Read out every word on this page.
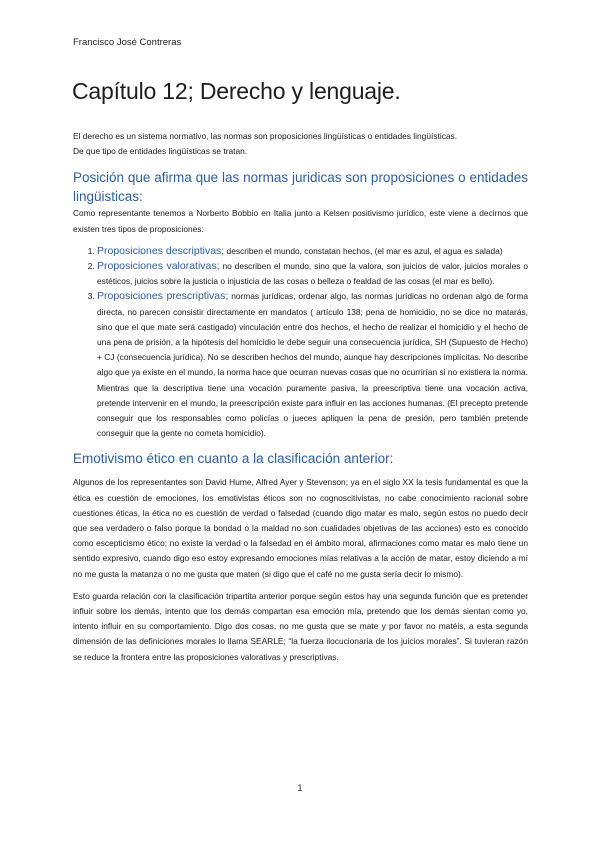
Francisco José Contreras
Capítulo 12; Derecho y lenguaje.

El derecho es un sistema normativo, las normas son proposiciones lingüísticas o entidades lingüísticas.

De que tipo de entidades lingüísticas se tratan.

Posición que afirma que las normas juridicas son proposiciones o entidades lingüisticas:

Como representante tenemos a Norberto Bobbio en Italia junto a Kelsen positivismo jurídico, este viene a decirnos que existen tres tipos de proposiciones:

1. Proposiciones descriptivas; describen el mundo, constatan hechos, (el mar es azul, el agua es salada)
2. Proposiciones valorativas; no describen el mundo, sino que la valora, son juicios de valor, juicios morales o estéticos, juicios sobre la justicia o injusticia de las cosas o belleza o fealdad de las cosas (el mar es bello).
3. Proposiciones prescriptivas; normas jurídicas, ordenar algo, las normas jurídicas no ordenan algo de forma directa, no parecen consistir directamente en mandatos ( artículo 138; pena de homicidio, no se dice no matarás, sino que el que mate será castigado) vinculación entre dos hechos, el hecho de realizar el homicidio y el hecho de una pena de prisión, a la hipótesis del homicidio le debe seguir una consecuencia jurídica, SH (Supuesto de Hecho) + CJ (consecuencia jurídica). No se describen hechos del mundo, aunque hay descripciones implícitas. No describe algo que ya existe en el mundo, la norma hace que ocurran nuevas cosas que no ocurrirían si no existiera la norma. Mientras que la descriptiva tiene una vocación puramente pasiva, la preescriptiva tiene una vocación activa, pretende intervenir en el mundo, la preescripción existe para influir en las acciones humanas. (El precepto pretende conseguir que los responsables como policías o jueces apliquen la pena de presión, pero también pretende conseguir que la gente no cometa homicidio).
Emotivismo ético en cuanto a la clasificación anterior:

Algunos de los representantes son David Hume, Alfred Ayer y Stevenson; ya en el siglo XX la tesis fundamental es que la ética es cuestión de emociones, los emotivistas éticos son no cognoscitivistas, no cabe conocimiento racional sobre cuestiones éticas, la ética no es cuestión de verdad o falsedad (cuando digo matar es malo, según estos no puedo decir que sea verdadero o falso porque la bondad o la maldad no son cualidades objetivas de las acciones) esto es conocido como escepticismo ético; no existe la verdad o la falsedad en el ámbito moral, afirmaciones como matar es malo tiene un sentido expresivo, cuando digo eso estoy expresando emociones mías relativas a la acción de matar, estoy diciendo a mí no me gusta la matanza o no me gusta que maten (si digo que el café no me gusta sería decir lo mismo).

Esto guarda relación con la clasificación tripartita anterior porque según estos hay una segunda función que es pretender influir sobre los demás, intento que los demás compartan esa emoción mía, pretendo que los demás sientan como yo, intento influir en su comportamiento. Digo dos cosas, no me gusta que se mate y por favor no matéis, a esta segunda dimensión de las definiciones morales lo llama SEARLE; “la fuerza ilocucionaria de los juicios morales”. Si tuvieran razón se reduce la frontera entre las proposiciones valorativas y prescriptivas.

1
